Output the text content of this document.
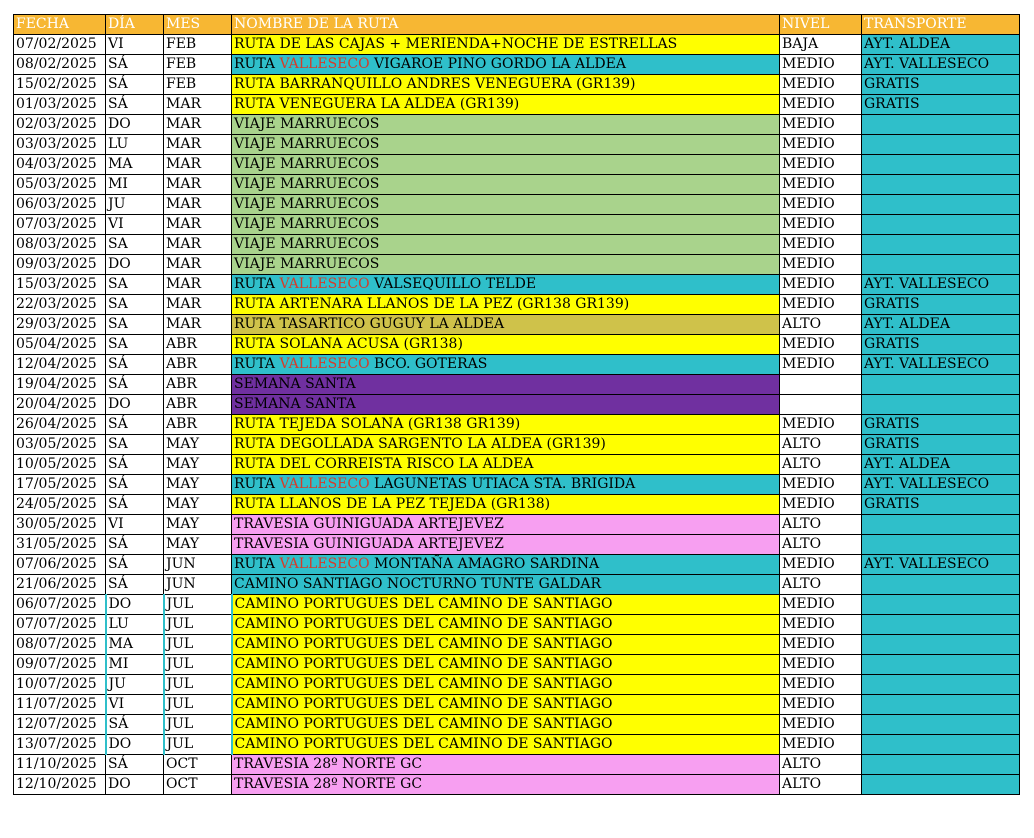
FECHA	DÍA	MES	NOMBRE DE LA RUTA	NIVEL	TRANSPORTE
07/02/2025	VI	FEB	RUTA DE LAS CAJAS + MERIENDA+NOCHE DE ESTRELLAS	BAJA	AYT. ALDEA
08/02/2025	SÁ	FEB	RUTA VALLESECO VIGAROE PINO GORDO LA ALDEA	MEDIO	AYT. VALLESECO
15/02/2025	SÁ	FEB	RUTA BARRANQUILLO ANDRES VENEGUERA (GR139)	MEDIO	GRATIS
01/03/2025	SÁ	MAR	RUTA VENEGUERA LA ALDEA (GR139)	MEDIO	GRATIS
02/03/2025	DO	MAR	VIAJE MARRUECOS	MEDIO	
03/03/2025	LU	MAR	VIAJE MARRUECOS	MEDIO	
04/03/2025	MA	MAR	VIAJE MARRUECOS	MEDIO	
05/03/2025	MI	MAR	VIAJE MARRUECOS	MEDIO	
06/03/2025	JU	MAR	VIAJE MARRUECOS	MEDIO	
07/03/2025	VI	MAR	VIAJE MARRUECOS	MEDIO	
08/03/2025	SA	MAR	VIAJE MARRUECOS	MEDIO	
09/03/2025	DO	MAR	VIAJE MARRUECOS	MEDIO	
15/03/2025	SA	MAR	RUTA VALLESECO VALSEQUILLO TELDE	MEDIO	AYT. VALLESECO
22/03/2025	SA	MAR	RUTA ARTENARA LLANOS DE LA PEZ (GR138 GR139)	MEDIO	GRATIS
29/03/2025	SA	MAR	RUTA TASARTICO GUGUY LA ALDEA	ALTO	AYT. ALDEA
05/04/2025	SA	ABR	RUTA SOLANA ACUSA (GR138)	MEDIO	GRATIS
12/04/2025	SÁ	ABR	RUTA VALLESECO BCO. GOTERAS	MEDIO	AYT. VALLESECO
19/04/2025	SÁ	ABR	SEMANA SANTA		
20/04/2025	DO	ABR	SEMANA SANTA		
26/04/2025	SÁ	ABR	RUTA TEJEDA SOLANA (GR138 GR139)	MEDIO	GRATIS
03/05/2025	SA	MAY	RUTA DEGOLLADA SARGENTO LA ALDEA (GR139)	ALTO	GRATIS
10/05/2025	SÁ	MAY	RUTA DEL CORREISTA RISCO LA ALDEA	ALTO	AYT. ALDEA
17/05/2025	SÁ	MAY	RUTA VALLESECO LAGUNETAS UTIACA STA. BRIGIDA	MEDIO	AYT. VALLESECO
24/05/2025	SÁ	MAY	RUTA LLANOS DE LA PEZ TEJEDA (GR138)	MEDIO	GRATIS
30/05/2025	VI	MAY	TRAVESIA GUINIGUADA ARTEJEVEZ	ALTO	
31/05/2025	SÁ	MAY	TRAVESIA GUINIGUADA ARTEJEVEZ	ALTO	
07/06/2025	SÁ	JUN	RUTA VALLESECO MONTAÑA AMAGRO SARDINA	MEDIO	AYT. VALLESECO
21/06/2025	SÁ	JUN	CAMINO SANTIAGO NOCTURNO TUNTE GALDAR	ALTO	
06/07/2025	DO	JUL	CAMINO PORTUGUES DEL CAMINO DE SANTIAGO	MEDIO	
07/07/2025	LU	JUL	CAMINO PORTUGUES DEL CAMINO DE SANTIAGO	MEDIO	
08/07/2025	MA	JUL	CAMINO PORTUGUES DEL CAMINO DE SANTIAGO	MEDIO	
09/07/2025	MI	JUL	CAMINO PORTUGUES DEL CAMINO DE SANTIAGO	MEDIO	
10/07/2025	JU	JUL	CAMINO PORTUGUES DEL CAMINO DE SANTIAGO	MEDIO	
11/07/2025	VI	JUL	CAMINO PORTUGUES DEL CAMINO DE SANTIAGO	MEDIO	
12/07/2025	SÁ	JUL	CAMINO PORTUGUES DEL CAMINO DE SANTIAGO	MEDIO	
13/07/2025	DO	JUL	CAMINO PORTUGUES DEL CAMINO DE SANTIAGO	MEDIO	
11/10/2025	SÁ	OCT	TRAVESIA 28º NORTE GC	ALTO	
12/10/2025	DO	OCT	TRAVESIA 28º NORTE GC	ALTO	
